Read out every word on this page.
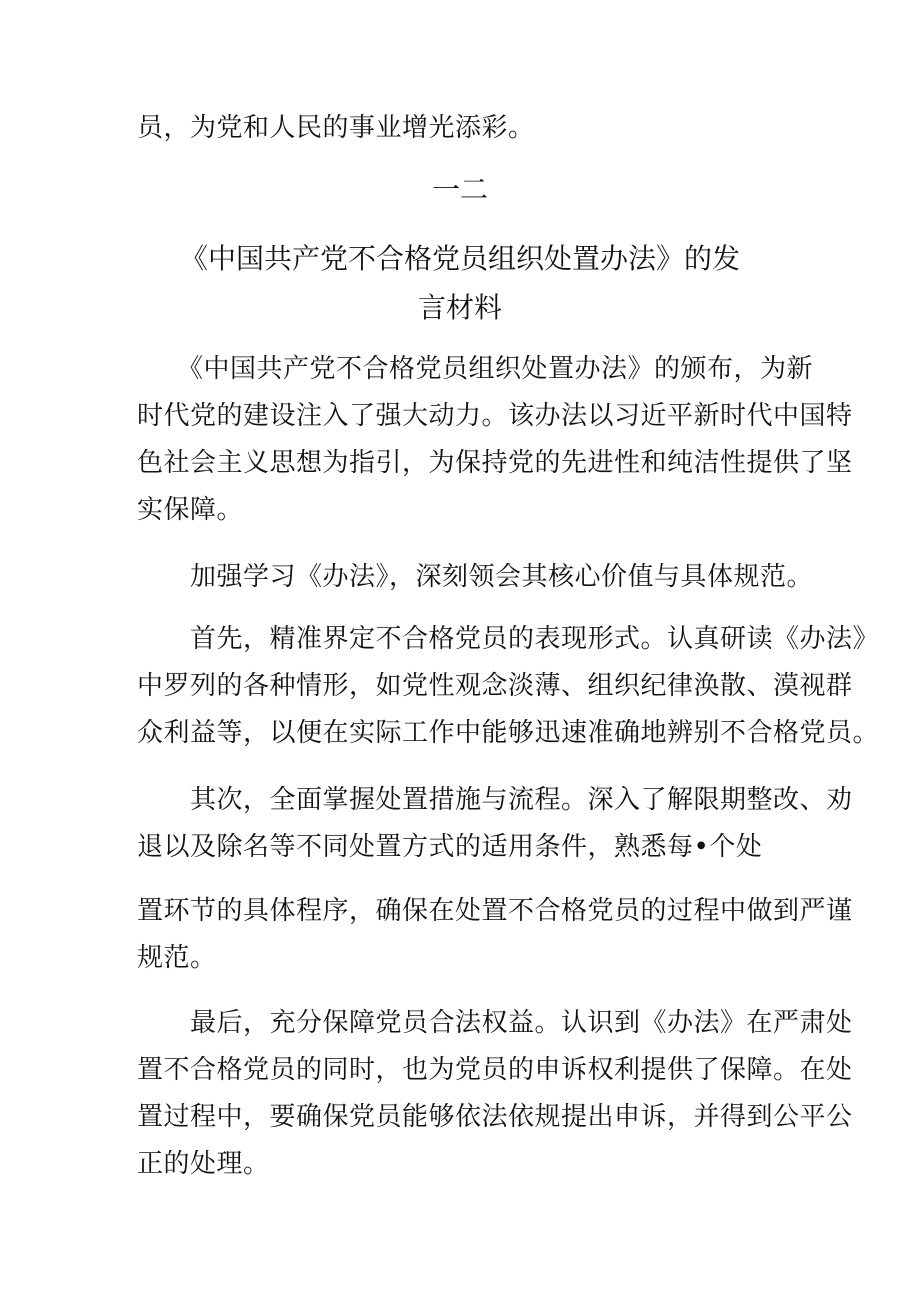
员，为党和人民的事业增光添彩。
一二
《中国共产党不合格党员组织处置办法》的发
言材料
　　《中国共产党不合格党员组织处置办法》的颁布，为新
时代党的建设注入了强大动力。该办法以习近平新时代中国特
色社会主义思想为指引，为保持党的先进性和纯洁性提供了坚
实保障。
　　加强学习《办法》，深刻领会其核心价值与具体规范。
　　首先，精准界定不合格党员的表现形式。认真研读《办法》
中罗列的各种情形，如党性观念淡薄、组织纪律涣散、漠视群
众利益等，以便在实际工作中能够迅速准确地辨别不合格党员。
　　其次，全面掌握处置措施与流程。深入了解限期整改、劝
退以及除名等不同处置方式的适用条件，熟悉每•个处
置环节的具体程序，确保在处置不合格党员的过程中做到严谨
规范。
　　最后，充分保障党员合法权益。认识到《办法》在严肃处
置不合格党员的同时，也为党员的申诉权利提供了保障。在处
置过程中，要确保党员能够依法依规提出申诉，并得到公平公
正的处理。
